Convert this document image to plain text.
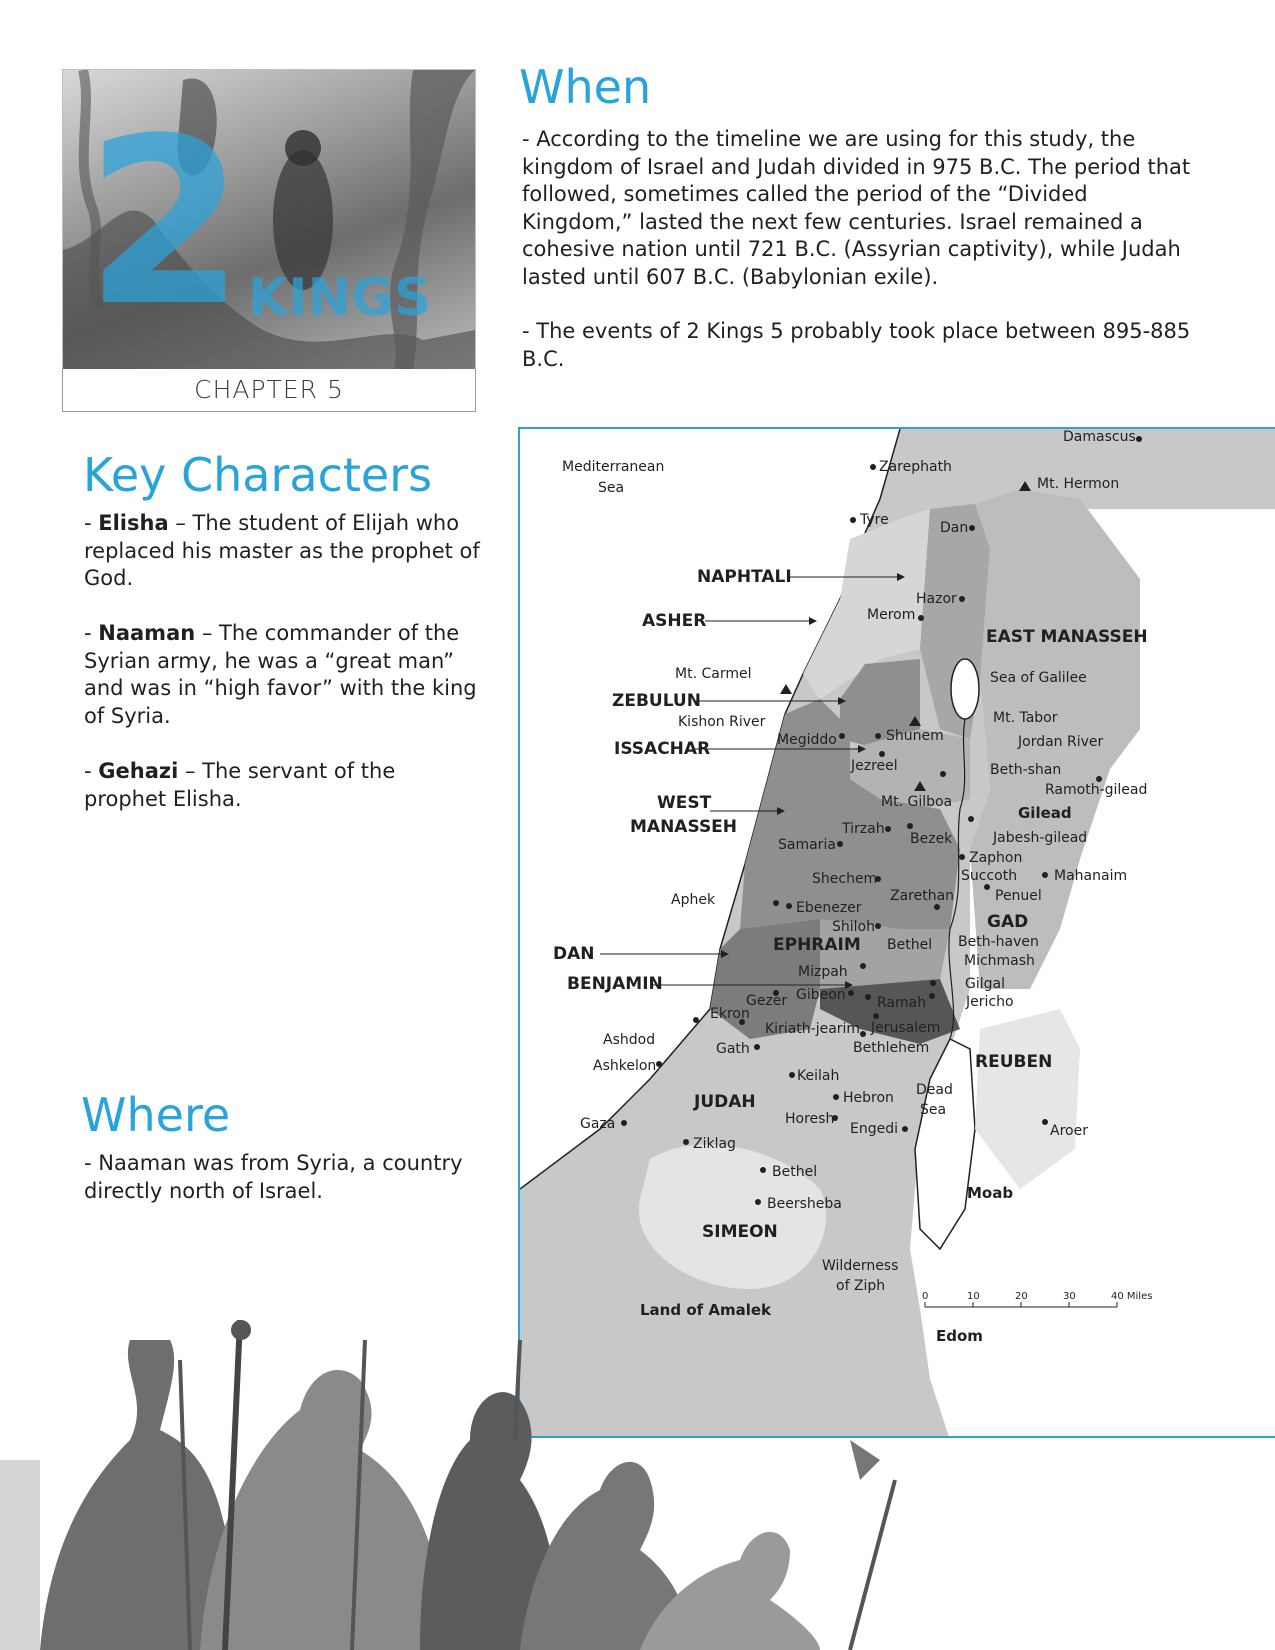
2 KINGS
CHAPTER 5
When

- According to the timeline we are using for this study, the kingdom of Israel and Judah divided in 975 B.C. The period that followed, sometimes called the period of the “Divided Kingdom,” lasted the next few centuries. Israel remained a cohesive nation until 721 B.C. (Assyrian captivity), while Judah lasted until 607 B.C. (Babylonian exile).

- The events of 2 Kings 5 probably took place between 895-885 B.C.

Key Characters

- Elisha – The student of Elijah who replaced his master as the prophet of God.

- Naaman – The commander of the Syrian army, he was a “great man” and was in “high favor” with the king of Syria.

- Gehazi – The servant of the prophet Elisha.

Where

- Naaman was from Syria, a country directly north of Israel.

0	10	20	30	40 Miles
NAPHTALI
ASHER
EAST MANASSEH
ZEBULUN
ISSACHAR
WEST
MANASSEH
DAN	EPHRAIM
BENJAMIN
REUBEN
JUDAH
SIMEON
Damascus
Mediterranean
Sea
Zarephath
Mt. Hermon
Tyre	Dan
Hazor
Merom
Mt. Carmel	Sea of Galilee
Kishon River	Mt. Tabor
Shunem
Megiddo	Jordan River
Jezreel	Beth-shan
Ramoth-gilead
Mt. Gilboa
Gilead
Tirzah
Bezek	Jabesh-gilead
Samaria
Zaphon
Succoth	Mahanaim
Shechem
Penuel
Zarethan
Aphek	Ebenezer
GAD
Shiloh
Bethel Beth-haven
Michmash
Mizpah
Gilgal
Gibeon
Gezer	Ramah	Jericho
Ekron
Kiriath-jearim Jerusalem
Ashdod
Gath	Bethlehem
Ashkelon
Keilah
Dead
Hebron
Sea
Horesh
Engedi
Gaza	Aroer
Ziklag
Bethel
Moab
Beersheba
Wilderness
of Ziph
Land of Amalek
Edom
